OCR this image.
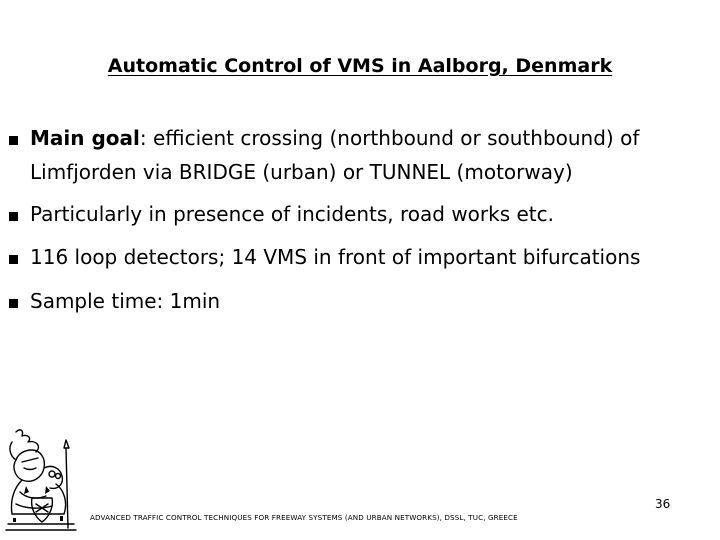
Automatic Control of VMS in Aalborg, Denmark
Main goal: efficient crossing (northbound or southbound) of Limfjorden via BRIDGE (urban) or TUNNEL (motorway)
Particularly in presence of incidents, road works etc.
116 loop detectors; 14 VMS in front of important bifurcations
Sample time: 1min
ADVANCED TRAFFIC CONTROL TECHNIQUES FOR FREEWAY SYSTEMS (AND URBAN NETWORKS), DSSL, TUC, GREECE
36
